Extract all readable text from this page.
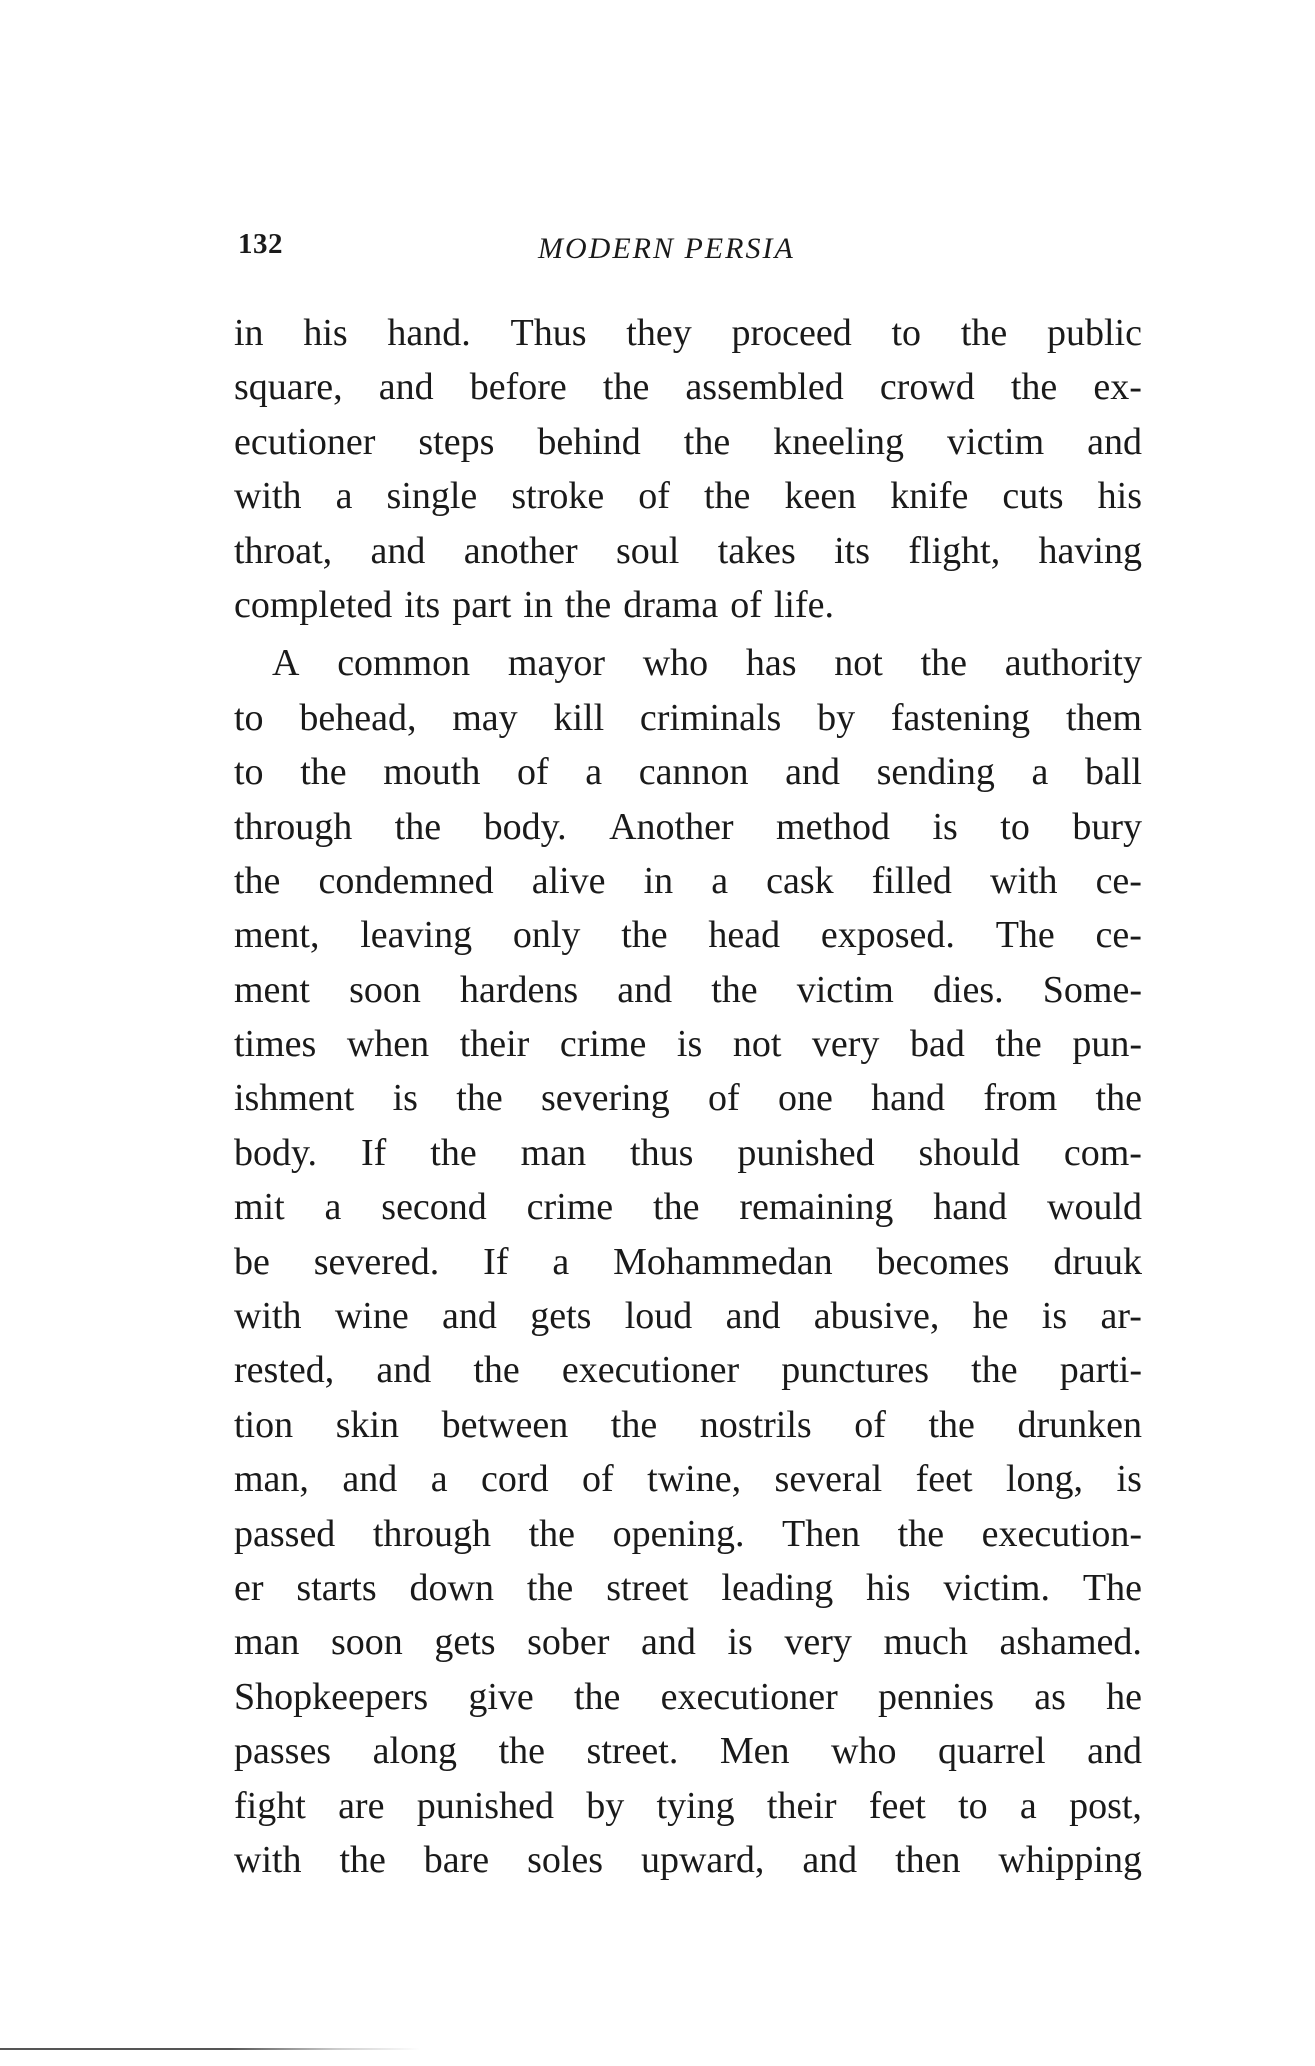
132	MODERN PERSIA
in his hand. Thus they proceed to the public
square, and before the assembled crowd the ex-
ecutioner steps behind the kneeling victim and
with a single stroke of the keen knife cuts his
throat, and another soul takes its flight, having
completed its part in the drama of life.
A common mayor who has not the authority
to behead, may kill criminals by fastening them
to the mouth of a cannon and sending a ball
through the body. Another method is to bury
the condemned alive in a cask filled with ce-
ment, leaving only the head exposed. The ce-
ment soon hardens and the victim dies. Some-
times when their crime is not very bad the pun-
ishment is the severing of one hand from the
body. If the man thus punished should com-
mit a second crime the remaining hand would
be severed. If a Mohammedan becomes druuk
with wine and gets loud and abusive, he is ar-
rested, and the executioner punctures the parti-
tion skin between the nostrils of the drunken
man, and a cord of twine, several feet long, is
passed through the opening. Then the execution-
er starts down the street leading his victim. The
man soon gets sober and is very much ashamed.
Shopkeepers give the executioner pennies as he
passes along the street. Men who quarrel and
fight are punished by tying their feet to a post,
with the bare soles upward, and then whipping
